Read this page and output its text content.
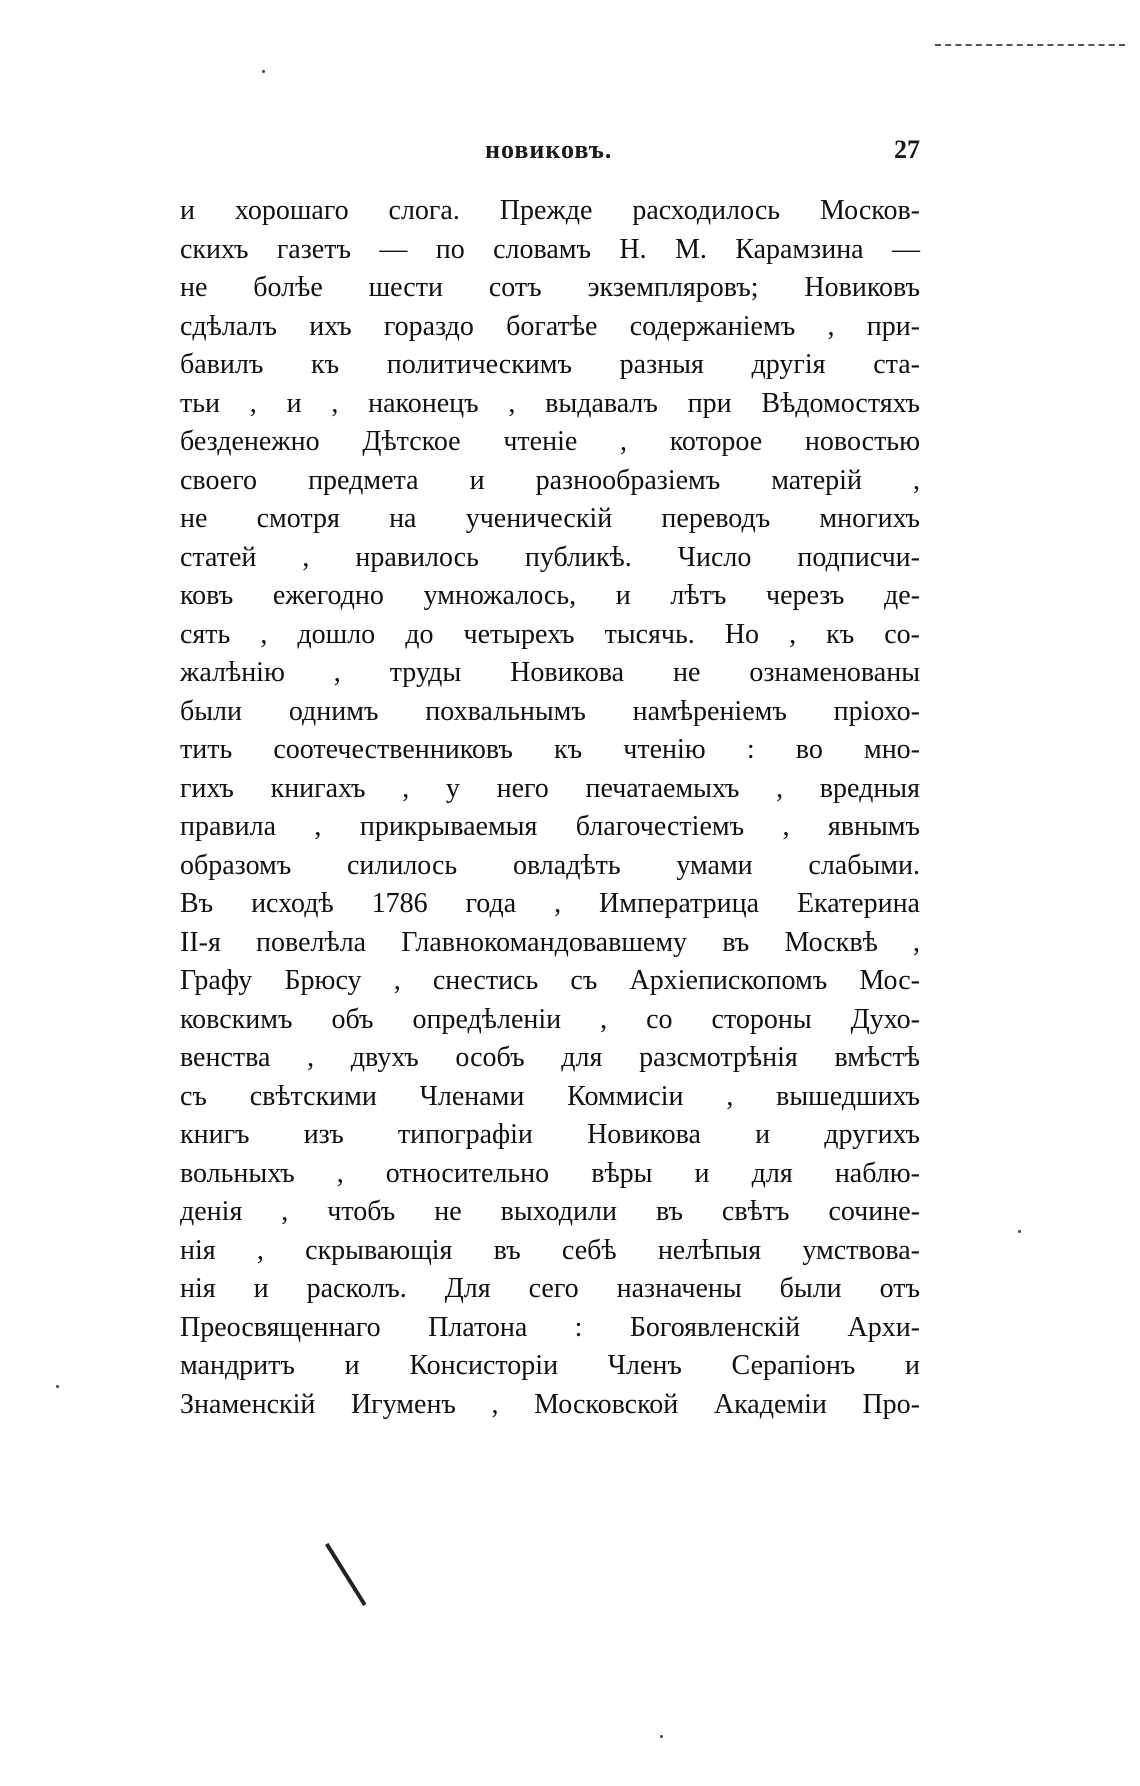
новиковъ.	27
и хорошаго слога. Прежде расходилось Москов-
скихъ газетъ — по словамъ Н. М. Карамзина —
не болѣе шести сотъ экземпляровъ; Новиковъ
сдѣлалъ ихъ гораздо богатѣе содержанiемъ , при-
бавилъ къ политическимъ разныя другiя ста-
тьи , и , наконецъ , выдавалъ при Вѣдомостяхъ
безденежно Дѣтское чтенiе , которое новостью
своего предмета и разнообразiемъ матерiй ,
не смотря на ученическiй переводъ многихъ
статей , нравилось публикѣ. Число подписчи-
ковъ ежегодно умножалось, и лѣтъ черезъ де-
сять , дошло до четырехъ тысячь. Но , къ со-
жалѣнiю , труды Новикова не ознаменованы
были однимъ похвальнымъ намѣренiемъ прiохо-
тить соотечественниковъ къ чтенiю : во мно-
гихъ книгахъ , у него печатаемыхъ , вредныя
правила , прикрываемыя благочестiемъ , явнымъ
образомъ силилось овладѣть умами слабыми.
Въ исходѣ 1786 года , Императрица Екатерина
II-я повелѣла Главнокомандовавшему въ Москвѣ ,
Графу Брюсу , снестись съ Архiепископомъ Мос-
ковскимъ объ опредѣленiи , со стороны Духо-
венства , двухъ особъ для разсмотрѣнiя вмѣстѣ
съ свѣтскими Членами Коммисiи , вышедшихъ
книгъ изъ типографiи Новикова и другихъ
вольныхъ , относительно вѣры и для наблю-
денiя , чтобъ не выходили въ свѣтъ сочине-
нiя , скрывающiя въ себѣ нелѣпыя умствова-
нiя и расколъ. Для сего назначены были отъ
Преосвященнаго Платона : Богоявленскiй Архи-
мандритъ и Консисторiи Членъ Серапiонъ и
Знаменскiй Игуменъ , Московской Академiи Про-
